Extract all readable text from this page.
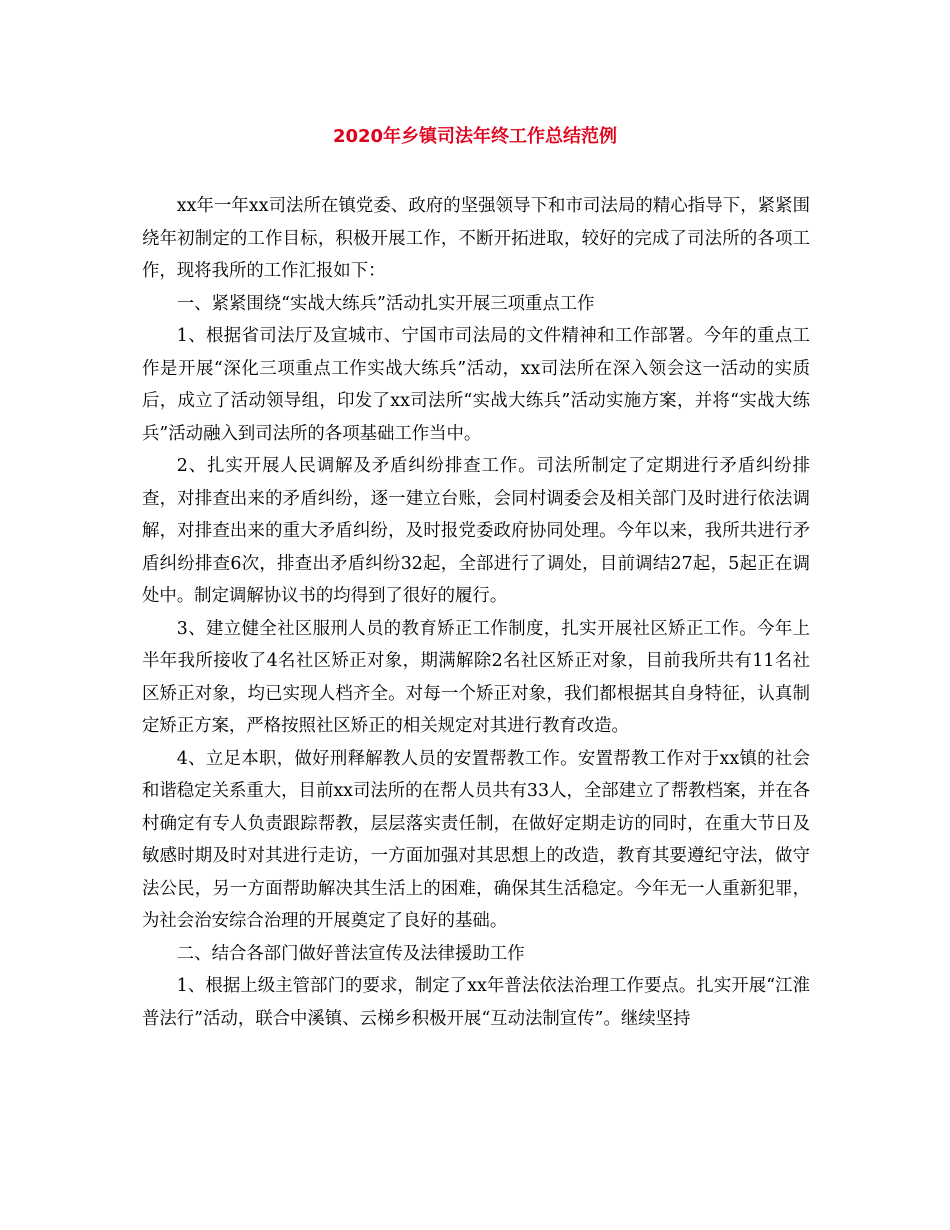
2020年乡镇司法年终工作总结范例

xx年一年xx司法所在镇党委、政府的坚强领导下和市司法局的精心指导下，紧紧围绕年初制定的工作目标，积极开展工作，不断开拓进取，较好的完成了司法所的各项工作，现将我所的工作汇报如下：

一、紧紧围绕“实战大练兵”活动扎实开展三项重点工作

1、根据省司法厅及宣城市、宁国市司法局的文件精神和工作部署。今年的重点工作是开展“深化三项重点工作实战大练兵”活动，xx司法所在深入领会这一活动的实质后，成立了活动领导组，印发了xx司法所“实战大练兵”活动实施方案，并将“实战大练兵”活动融入到司法所的各项基础工作当中。

2、扎实开展人民调解及矛盾纠纷排查工作。司法所制定了定期进行矛盾纠纷排查，对排查出来的矛盾纠纷，逐一建立台账，会同村调委会及相关部门及时进行依法调解，对排查出来的重大矛盾纠纷，及时报党委政府协同处理。今年以来，我所共进行矛盾纠纷排查6次，排查出矛盾纠纷32起，全部进行了调处，目前调结27起，5起正在调处中。制定调解协议书的均得到了很好的履行。

3、建立健全社区服刑人员的教育矫正工作制度，扎实开展社区矫正工作。今年上半年我所接收了4名社区矫正对象，期满解除2名社区矫正对象，目前我所共有11名社区矫正对象，均已实现人档齐全。对每一个矫正对象，我们都根据其自身特征，认真制定矫正方案，严格按照社区矫正的相关规定对其进行教育改造。

4、立足本职，做好刑释解教人员的安置帮教工作。安置帮教工作对于xx镇的社会和谐稳定关系重大，目前xx司法所的在帮人员共有33人，全部建立了帮教档案，并在各村确定有专人负责跟踪帮教，层层落实责任制，在做好定期走访的同时，在重大节日及敏感时期及时对其进行走访，一方面加强对其思想上的改造，教育其要遵纪守法，做守法公民，另一方面帮助解决其生活上的困难，确保其生活稳定。今年无一人重新犯罪，为社会治安综合治理的开展奠定了良好的基础。

二、结合各部门做好普法宣传及法律援助工作

1、根据上级主管部门的要求，制定了xx年普法依法治理工作要点。扎实开展“江淮普法行”活动，联合中溪镇、云梯乡积极开展“互动法制宣传”。继续坚持
